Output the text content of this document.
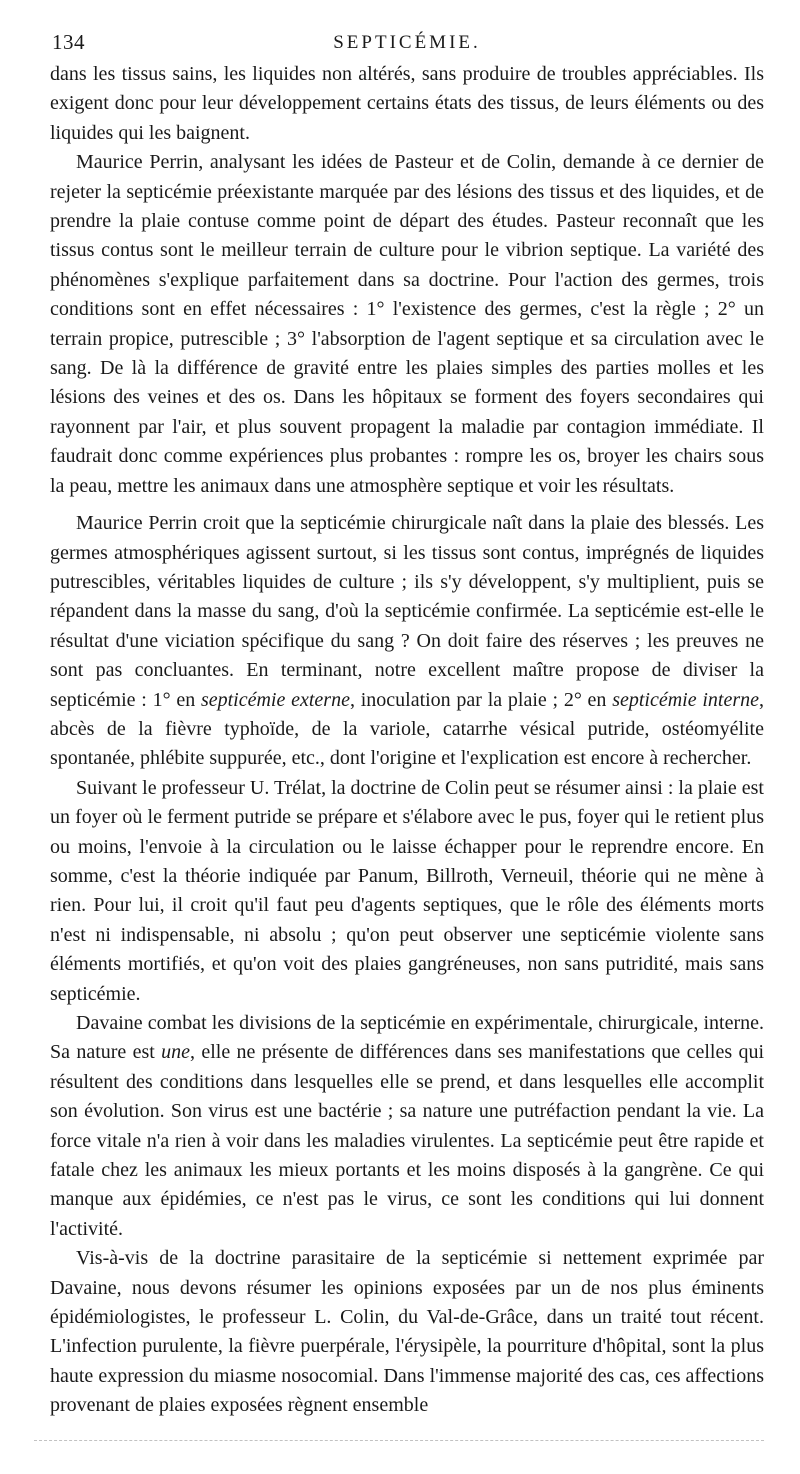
134	SEPTICÉMIE.

dans les tissus sains, les liquides non altérés, sans produire de troubles appréciables. Ils exigent donc pour leur développement certains états des tissus, de leurs éléments ou des liquides qui les baignent.

Maurice Perrin, analysant les idées de Pasteur et de Colin, demande à ce dernier de rejeter la septicémie préexistante marquée par des lésions des tissus et des liquides, et de prendre la plaie contuse comme point de départ des études. Pasteur reconnaît que les tissus contus sont le meilleur terrain de culture pour le vibrion septique. La variété des phénomènes s'explique parfaitement dans sa doctrine. Pour l'action des germes, trois conditions sont en effet nécessaires : 1° l'existence des germes, c'est la règle ; 2° un terrain propice, putrescible ; 3° l'absorption de l'agent septique et sa circulation avec le sang. De là la différence de gravité entre les plaies simples des parties molles et les lésions des veines et des os. Dans les hôpitaux se forment des foyers secondaires qui rayonnent par l'air, et plus souvent propagent la maladie par contagion immédiate. Il faudrait donc comme expériences plus probantes : rompre les os, broyer les chairs sous la peau, mettre les animaux dans une atmosphère septique et voir les résultats.

Maurice Perrin croit que la septicémie chirurgicale naît dans la plaie des blessés. Les germes atmosphériques agissent surtout, si les tissus sont contus, imprégnés de liquides putrescibles, véritables liquides de culture ; ils s'y développent, s'y multiplient, puis se répandent dans la masse du sang, d'où la septicémie confirmée. La septicémie est-elle le résultat d'une viciation spécifique du sang ? On doit faire des réserves ; les preuves ne sont pas concluantes. En terminant, notre excellent maître propose de diviser la septicémie : 1° en septicémie externe, inoculation par la plaie ; 2° en septicémie interne, abcès de la fièvre typhoïde, de la variole, catarrhe vésical putride, ostéomyélite spontanée, phlébite suppurée, etc., dont l'origine et l'explication est encore à rechercher.

Suivant le professeur U. Trélat, la doctrine de Colin peut se résumer ainsi : la plaie est un foyer où le ferment putride se prépare et s'élabore avec le pus, foyer qui le retient plus ou moins, l'envoie à la circulation ou le laisse échapper pour le reprendre encore. En somme, c'est la théorie indiquée par Panum, Billroth, Verneuil, théorie qui ne mène à rien. Pour lui, il croit qu'il faut peu d'agents septiques, que le rôle des éléments morts n'est ni indispensable, ni absolu ; qu'on peut observer une septicémie violente sans éléments mortifiés, et qu'on voit des plaies gangréneuses, non sans putridité, mais sans septicémie.

Davaine combat les divisions de la septicémie en expérimentale, chirurgicale, interne. Sa nature est une, elle ne présente de différences dans ses manifestations que celles qui résultent des conditions dans lesquelles elle se prend, et dans lesquelles elle accomplit son évolution. Son virus est une bactérie ; sa nature une putréfaction pendant la vie. La force vitale n'a rien à voir dans les maladies virulentes. La septicémie peut être rapide et fatale chez les animaux les mieux portants et les moins disposés à la gangrène. Ce qui manque aux épidémies, ce n'est pas le virus, ce sont les conditions qui lui donnent l'activité.

Vis-à-vis de la doctrine parasitaire de la septicémie si nettement exprimée par Davaine, nous devons résumer les opinions exposées par un de nos plus éminents épidémiologistes, le professeur L. Colin, du Val-de-Grâce, dans un traité tout récent. L'infection purulente, la fièvre puerpérale, l'érysipèle, la pourriture d'hôpital, sont la plus haute expression du miasme nosocomial. Dans l'immense majorité des cas, ces affections provenant de plaies exposées règnent ensemble
